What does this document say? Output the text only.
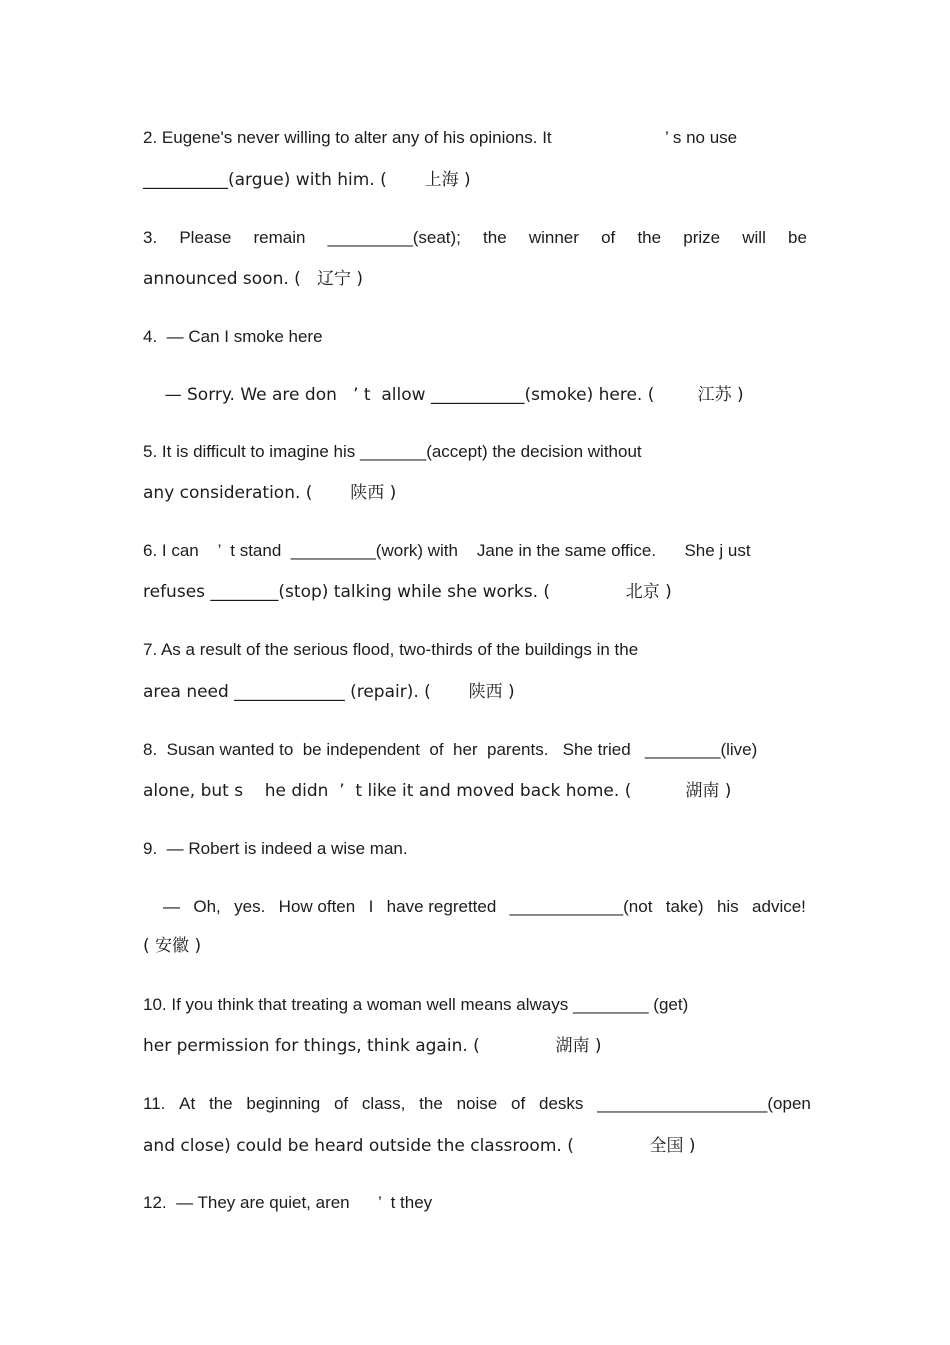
2. Eugene's never willing to alter any of his opinions. It                        ’ s no use
__________(argue) with him. (       上海 )
3. Please remain _________(seat); the winner of the prize will be
announced soon. (   辽宁 )
4.  — Can I smoke here
— Sorry. We are don   ’ t  allow ___________(smoke) here. (        江苏 )
5. It is difficult to imagine his _______(accept) the decision without
any consideration. (       陕西 )
6. I can    ’  t stand  _________(work) with    Jane in the same office.      She j ust
refuses ________(stop) talking while she works. (              北京 )
7. As a result of the serious flood, two-thirds of the buildings in the
area need _____________ (repair). (       陕西 )
8.  Susan wanted to  be independent  of  her  parents.   She tried   ________(live)
alone, but s    he didn  ’  t like it and moved back home. (          湖南 )
9.  — Robert is indeed a wise man.
— Oh, yes. How often I have regretted ____________(not take) his advice!
( 安徽 )
10. If you think that treating a woman well means always ________ (get)
her permission for things, think again. (              湖南 )
11. At the beginning of class, the noise of desks __________________(open
and close) could be heard outside the classroom. (              全国 )
12.  — They are quiet, aren      ’  t they
